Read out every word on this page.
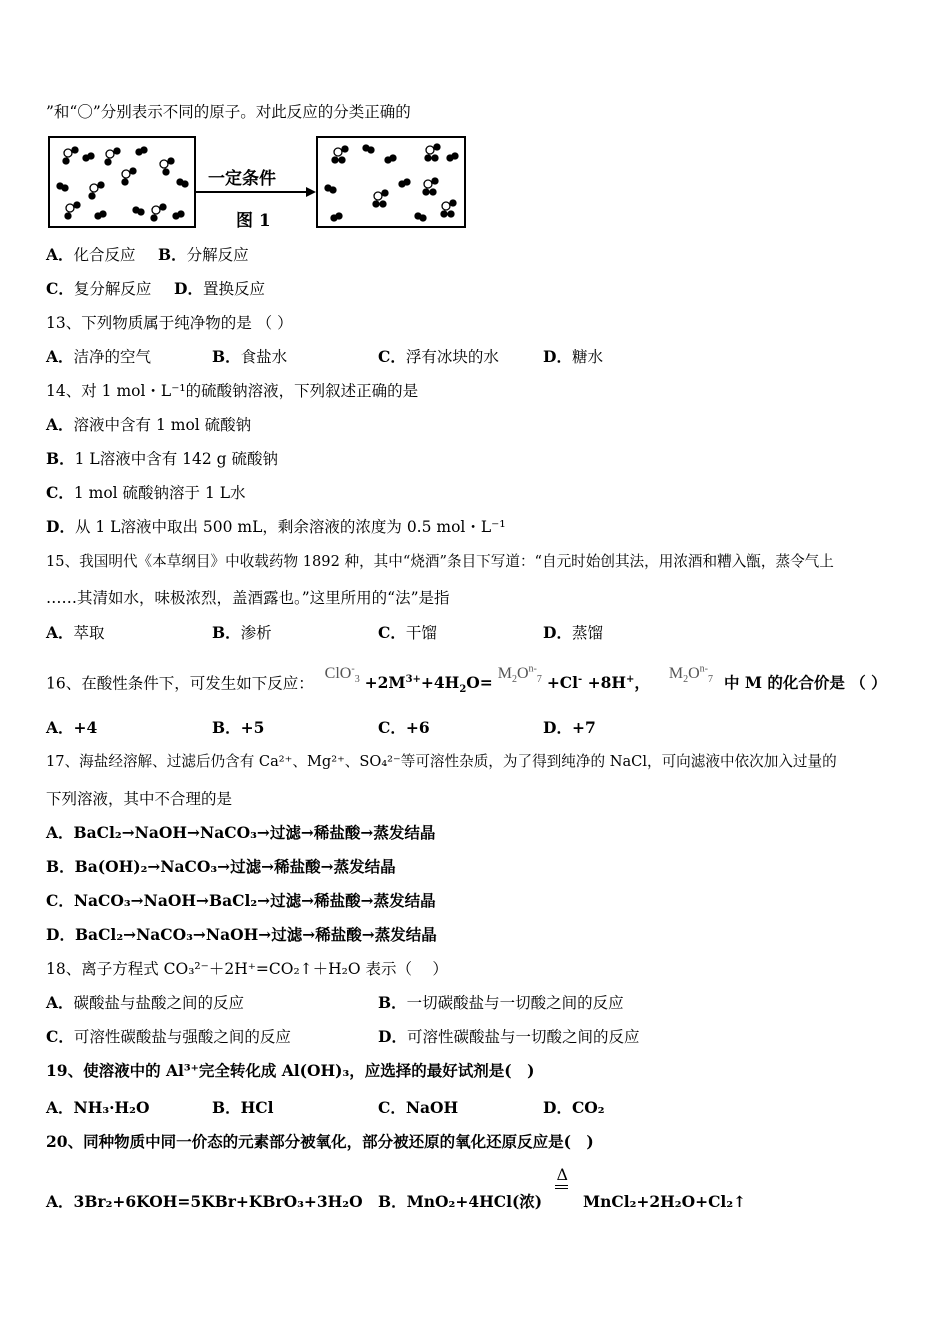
”和“〇”分别表示不同的原子。对此反应的分类正确的
一定条件
图 1
A．化合反应 B．分解反应
C．复分解反应 D．置换反应
13、下列物质属于纯净物的是 （ ）
A．洁净的空气	B．食盐水	C．浮有冰块的水	D．糖水
14、对 1 mol・L⁻¹的硫酸钠溶液，下列叙述正确的是
A．溶液中含有 1 mol 硫酸钠
B．1 L溶液中含有 142 g 硫酸钠
C．1 mol 硫酸钠溶于 1 L水
D．从 1 L溶液中取出 500 mL，剩余溶液的浓度为 0.5 mol・L⁻¹
15、我国明代《本草纲目》中收载药物 1892 种，其中“烧酒”条目下写道：“自元时始创其法，用浓酒和糟入甑，蒸令气上
……其清如水，味极浓烈，盖酒露也。”这里所用的“法”是指
A．萃取	B．渗析	C．干馏	D．蒸馏
16、在酸性条件下，可发生如下反应： $ClO^-_3 +2M^{3+}+4H_2O= M_2O^{n-}_7 +Cl^- +8H^+$， $M_2O^{n-}_7$ 中 M 的化合价是 （ ）
A．+4	B．+5	C．+6	D．+7
17、海盐经溶解、过滤后仍含有 Ca²⁺、Mg²⁺、SO₄²⁻等可溶性杂质，为了得到纯净的 NaCl，可向滤液中依次加入过量的
下列溶液，其中不合理的是
A．BaCl₂→NaOH→NaCO₃→过滤→稀盐酸→蒸发结晶
B．Ba(OH)₂→NaCO₃→过滤→稀盐酸→蒸发结晶
C．NaCO₃→NaOH→BaCl₂→过滤→稀盐酸→蒸发结晶
D．BaCl₂→NaCO₃→NaOH→过滤→稀盐酸→蒸发结晶
18、离子方程式 CO₃²⁻＋2H⁺=CO₂↑＋H₂O 表示（　 ）
A．碳酸盐与盐酸之间的反应	B．一切碳酸盐与一切酸之间的反应
C．可溶性碳酸盐与强酸之间的反应	D．可溶性碳酸盐与一切酸之间的反应
19、使溶液中的 Al³⁺完全转化成 Al(OH)₃，应选择的最好试剂是(　)
A．NH₃·H₂O	B．HCl	C．NaOH	D．CO₂
20、同种物质中同一价态的元素部分被氧化，部分被还原的氧化还原反应是(　)
A．3Br₂+6KOH=5KBr+KBrO₃+3H₂O B．MnO₂+4HCl(浓)
Δ
MnCl₂+2H₂O+Cl₂↑
